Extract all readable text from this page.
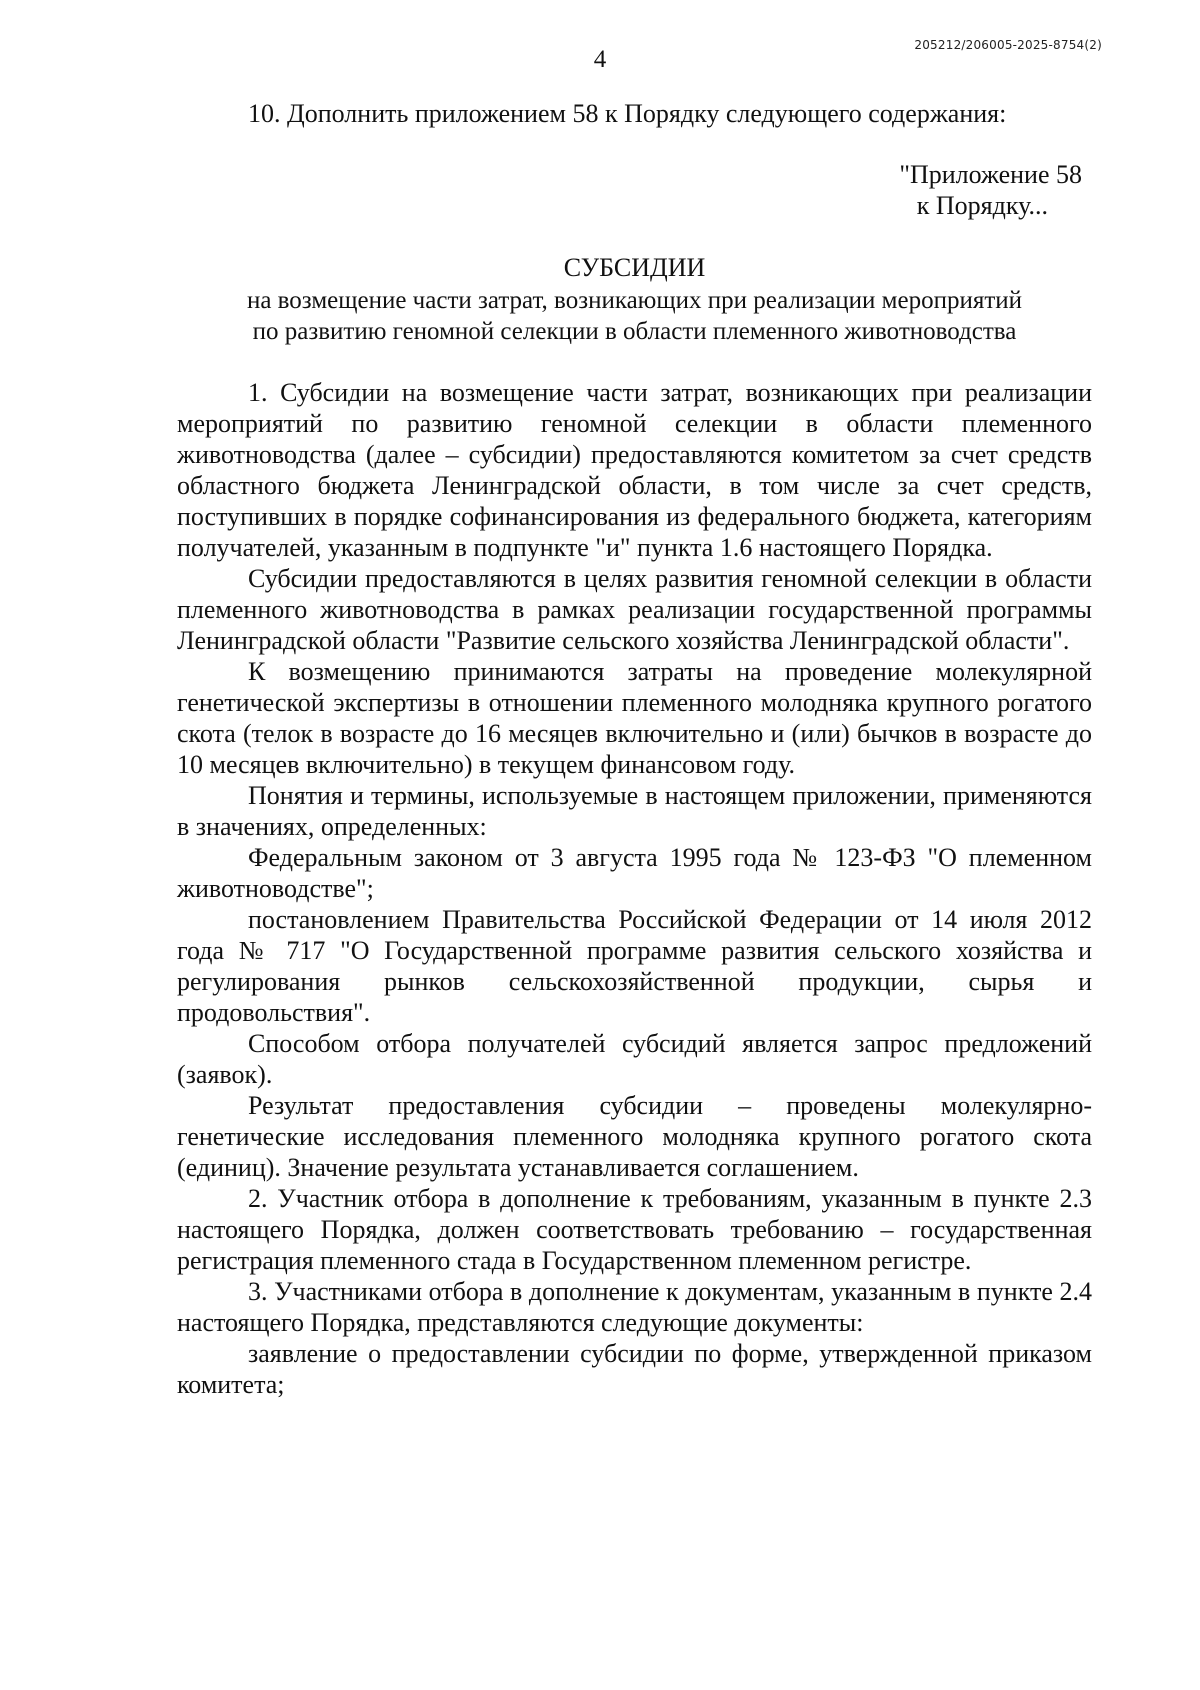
205212/206005-2025-8754(2)
4

10. Дополнить приложением 58 к Порядку следующего содержания:

"Приложение 58
к Порядку...

СУБСИДИИ

на возмещение части затрат, возникающих при реализации мероприятий
по развитию геномной селекции в области племенного животноводства

1. Субсидии на возмещение части затрат, возникающих при реализации мероприятий по развитию геномной селекции в области племенного животноводства (далее – субсидии) предоставляются комитетом за счет средств областного бюджета Ленинградской области, в том числе за счет средств, поступивших в порядке софинансирования из федерального бюджета, категориям получателей, указанным в подпункте "и" пункта 1.6 настоящего Порядка.

Субсидии предоставляются в целях развития геномной селекции в области племенного животноводства в рамках реализации государственной программы Ленинградской области "Развитие сельского хозяйства Ленинградской области".

К возмещению принимаются затраты на проведение молекулярной генетической экспертизы в отношении племенного молодняка крупного рогатого скота (телок в возрасте до 16 месяцев включительно и (или) бычков в возрасте до 10 месяцев включительно) в текущем финансовом году.

Понятия и термины, используемые в настоящем приложении, применяются в значениях, определенных:

Федеральным законом от 3 августа 1995 года № 123-ФЗ "О племенном животноводстве";

постановлением Правительства Российской Федерации от 14 июля 2012 года № 717 "О Государственной программе развития сельского хозяйства и регулирования рынков сельскохозяйственной продукции, сырья и продовольствия".

Способом отбора получателей субсидий является запрос предложений (заявок).

Результат предоставления субсидии – проведены молекулярно-генетические исследования племенного молодняка крупного рогатого скота (единиц). Значение результата устанавливается соглашением.

2. Участник отбора в дополнение к требованиям, указанным в пункте 2.3 настоящего Порядка, должен соответствовать требованию – государственная регистрация племенного стада в Государственном племенном регистре.

3. Участниками отбора в дополнение к документам, указанным в пункте 2.4 настоящего Порядка, представляются следующие документы:

заявление о предоставлении субсидии по форме, утвержденной приказом комитета;
